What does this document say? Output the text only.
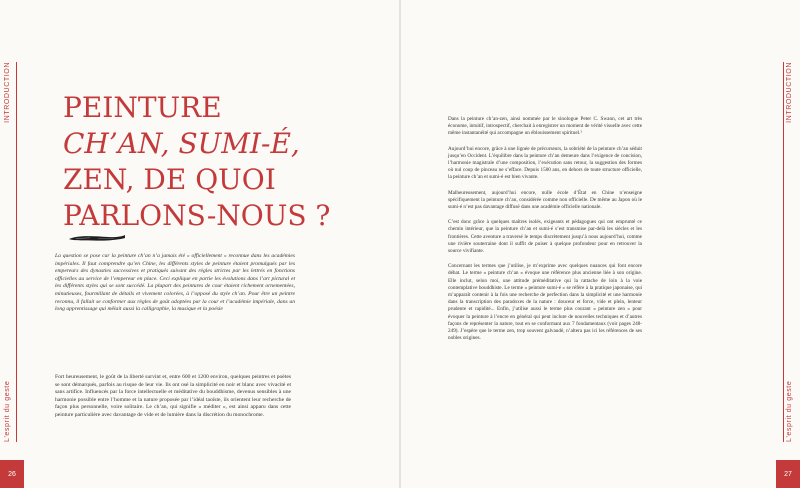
INTRODUCTION
L'esprit du geste
26
PEINTURE
CH’AN, SUMI-É,
ZEN, DE QUOI
PARLONS-NOUS ?

La question se pose car la peinture ch’an n’a jamais été « officiellement » reconnue dans les académies impériales. Il faut comprendre qu’en Chine, les différents styles de peinture étaient promulgués par les empereurs des dynasties successives et pratiqués suivant des règles strictes par les lettrés en fonctions officielles au service de l’empereur en place. Ceci explique en partie les évolutions dans l’art pictural et les différents styles qui se sont succédé. La plupart des peintures de cour étaient richement ornementées, minutieuses, fourmillant de détails et vivement colorées, à l’opposé du style ch’an. Pour être un peintre reconnu, il fallait se conformer aux règles de goût adoptées par la cour et l’académie impériale, dans un long apprentissage qui mêlait aussi la calligraphie, la musique et la poésie

Fort heureusement, le goût de la liberté survint et, entre 600 et 1200 environ, quelques peintres et poètes se sont démarqués, parfois au risque de leur vie. Ils ont osé la simplicité en noir et blanc avec vivacité et sans artifice. Influencés par la force intellectuelle et méditative du bouddhisme, devenus sensibles à une harmonie possible entre l’homme et la nature proposée par l’idéal taoïste, ils orientent leur recherche de façon plus personnelle, voire solitaire. Le ch’an, qui signifie « méditer », est ainsi apparu dans cette peinture particulière avec davantage de vide et de lumière dans la discrétion du monochrome.

INTRODUCTION
L'esprit du geste
27

Dans la peinture ch’an-zen, ainsi nommée par le sinologue Peter C. Swann, cet art très économe, intuitif, introspectif, cherchait à enregistrer un moment de vérité visuelle avec cette même instantanéité qui accompagne un éblouissement spirituel.¹

Aujourd’hui encore, grâce à une lignée de précurseurs, la sobriété de la peinture ch’an séduit jusqu’en Occident. L’équilibre dans la peinture ch’an demeure dans l’exigence de concision, l’harmonie magistrale d’une composition, l’exécution sans retour, la suggestion des formes où nul coup de pinceau ne s’efface. Depuis 1500 ans, en dehors de toute structure officielle, la peinture ch’an et sumi-é est bien vivante.

Malheureusement, aujourd’hui encore, nulle école d’État en Chine n’enseigne spécifiquement la peinture ch’an, considérée comme non officielle. De même au Japon où le sumi-é n’est pas davantage diffusé dans une académie officielle nationale.

C’est donc grâce à quelques maîtres isolés, exigeants et pédagogues qui ont emprunté ce chemin intérieur, que la peinture ch’an et sumi-é s’est transmise par-delà les siècles et les frontières. Cette aventure a traversé le temps discrètement jusqu’à nous aujourd’hui, comme une rivière souterraine dont il suffit de puiser à quelque profondeur pour en retrouver la source vivifiante.

Concernant les termes que j’utilise, je m’exprime avec quelques nuances qui font encore débat. Le terme « peinture ch’an » évoque une référence plus ancienne liée à son origine. Elle inclut, selon moi, une attitude préméditative qui la rattache de loin à la voie contemplative bouddhiste. Le terme « peinture sumi-é » se réfère à la pratique japonaise, qui m’apparaît contenir à la fois une recherche de perfection dans la simplicité et une harmonie dans la transcription des paradoxes de la nature : douceur et force, vide et plein, lenteur prudente et rapidité... Enfin, j’utilise aussi le terme plus courant « peinture zen » pour évoquer la peinture à l’encre en général qui peut inclure de nouvelles techniques et d’autres façons de représenter la nature, tout en se conformant aux 7 fondamentaux (voir pages 248-249). J’espère que le terme zen, trop souvent galvaudé, n’altera pas ici les références de ses nobles origines.
